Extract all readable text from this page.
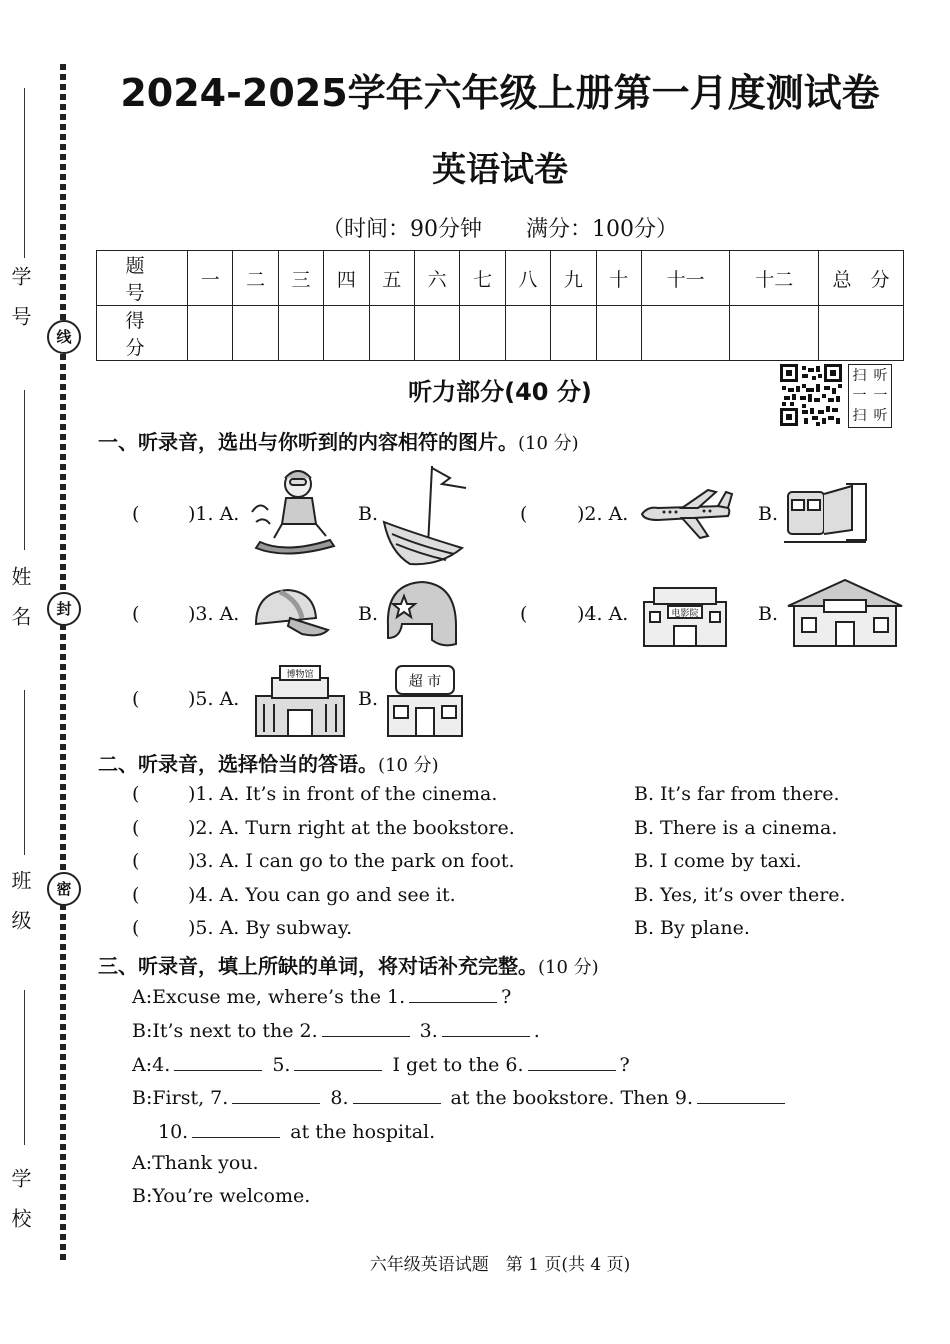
学　号
姓　名
班　级
学　校
线
封
密
2024-2025学年六年级上册第一月度测试卷
英语试卷
（时间：90分钟　　满分：100分）
题　号	一	二	三	四	五	六	七	八	九	十	十一	十二	总　分
得　分													
听力部分(40 分)
扫 听
一 一
扫 听
一、听录音，选出与你听到的内容相符的图片。(10 分)
(	)1. A.	B.	(	)2. A.	B.
(	)3. A.	B.	(	)4. A.	电影院	B.
(	)5. A.
博物馆
B.
超 市
二、听录音，选择恰当的答语。(10 分)
(	)1. A. It’s in front of the cinema.	B. It’s far from there.
(	)2. A. Turn right at the bookstore.	B. There is a cinema.
(	)3. A. I can go to the park on foot.	B. I come by taxi.
(	)4. A. You can go and see it.	B. Yes, it’s over there.
(	)5. A. By subway.	B. By plane.
三、听录音，填上所缺的单词，将对话补充完整。(10 分)
A:Excuse me, where’s the 1.	?
B:It’s next to the 2.	3.	.
A:4.	5.	I get to the 6.	?
B:First, 7.	8.	at the bookstore. Then 9.
10.	at the hospital.
A:Thank you.
B:You’re welcome.
六年级英语试题　第 1 页(共 4 页)
